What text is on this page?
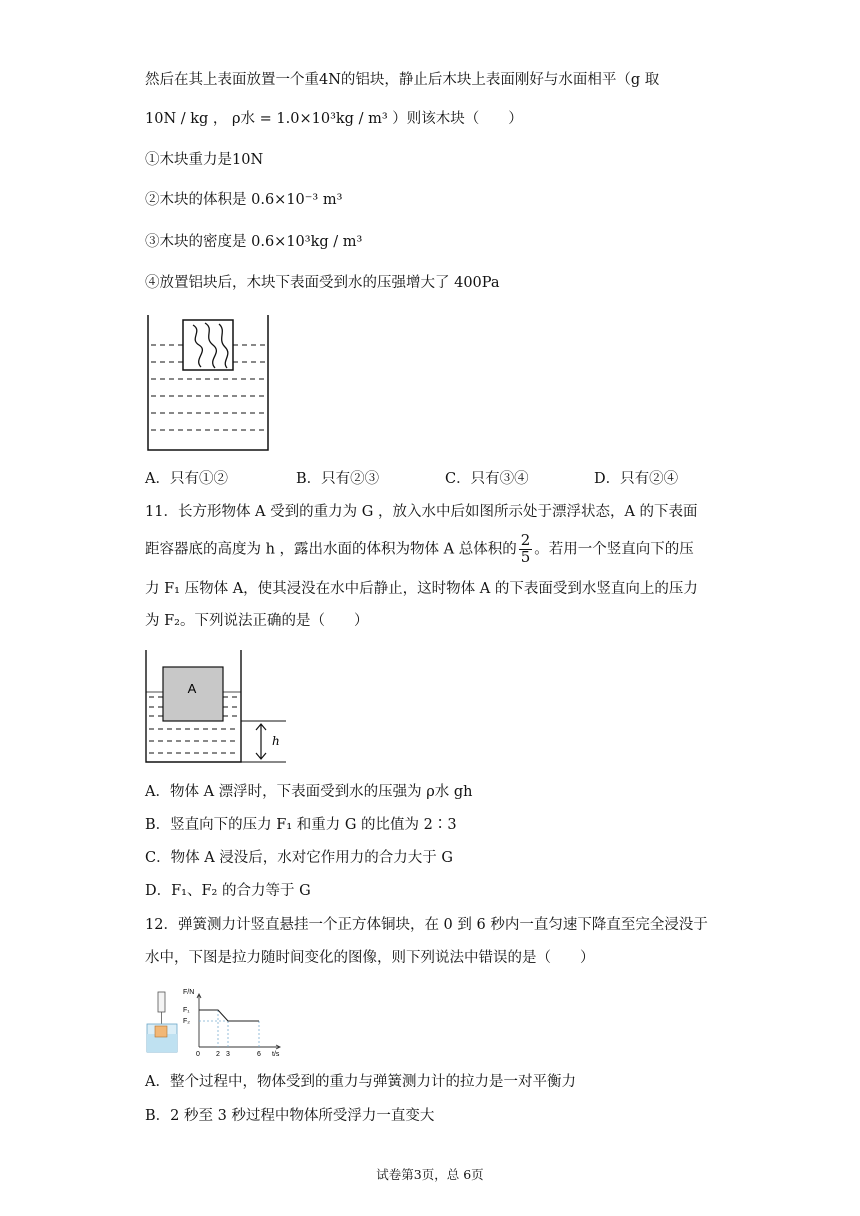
然后在其上表面放置一个重4N的铝块，静止后木块上表面刚好与水面相平（g 取
10N / kg ， ρ水 = 1.0×10³kg / m³ ）则该木块（　　）
①木块重力是10N
②木块的体积是 0.6×10⁻³ m³
③木块的密度是 0.6×10³kg / m³
④放置铝块后，木块下表面受到水的压强增大了 400Pa
A．只有①②	B．只有②③	C．只有③④	D．只有②④
11．长方形物体 A 受到的重力为 G ，放入水中后如图所示处于漂浮状态，A 的下表面
距容器底的高度为 h ，露出水面的体积为物体 A 总体积的 $\frac{2}{5}$ 。若用一个竖直向下的压
力 F₁ 压物体 A，使其浸没在水中后静止，这时物体 A 的下表面受到水竖直向上的压力
为 F₂。下列说法正确的是（　　）
A
h
A．物体 A 漂浮时，下表面受到水的压强为 ρ水 gh
B．竖直向下的压力 F₁ 和重力 G 的比值为 2∶3
C．物体 A 浸没后，水对它作用力的合力大于 G
D．F₁、F₂ 的合力等于 G
12．弹簧测力计竖直悬挂一个正方体铜块，在 0 到 6 秒内一直匀速下降直至完全浸没于
水中，下图是拉力随时间变化的图像，则下列说法中错误的是（　　）
F/N
F₁
F₂
0 2 3	6 t/s
A．整个过程中，物体受到的重力与弹簧测力计的拉力是一对平衡力
B．2 秒至 3 秒过程中物体所受浮力一直变大
试卷第3页，总 6页
